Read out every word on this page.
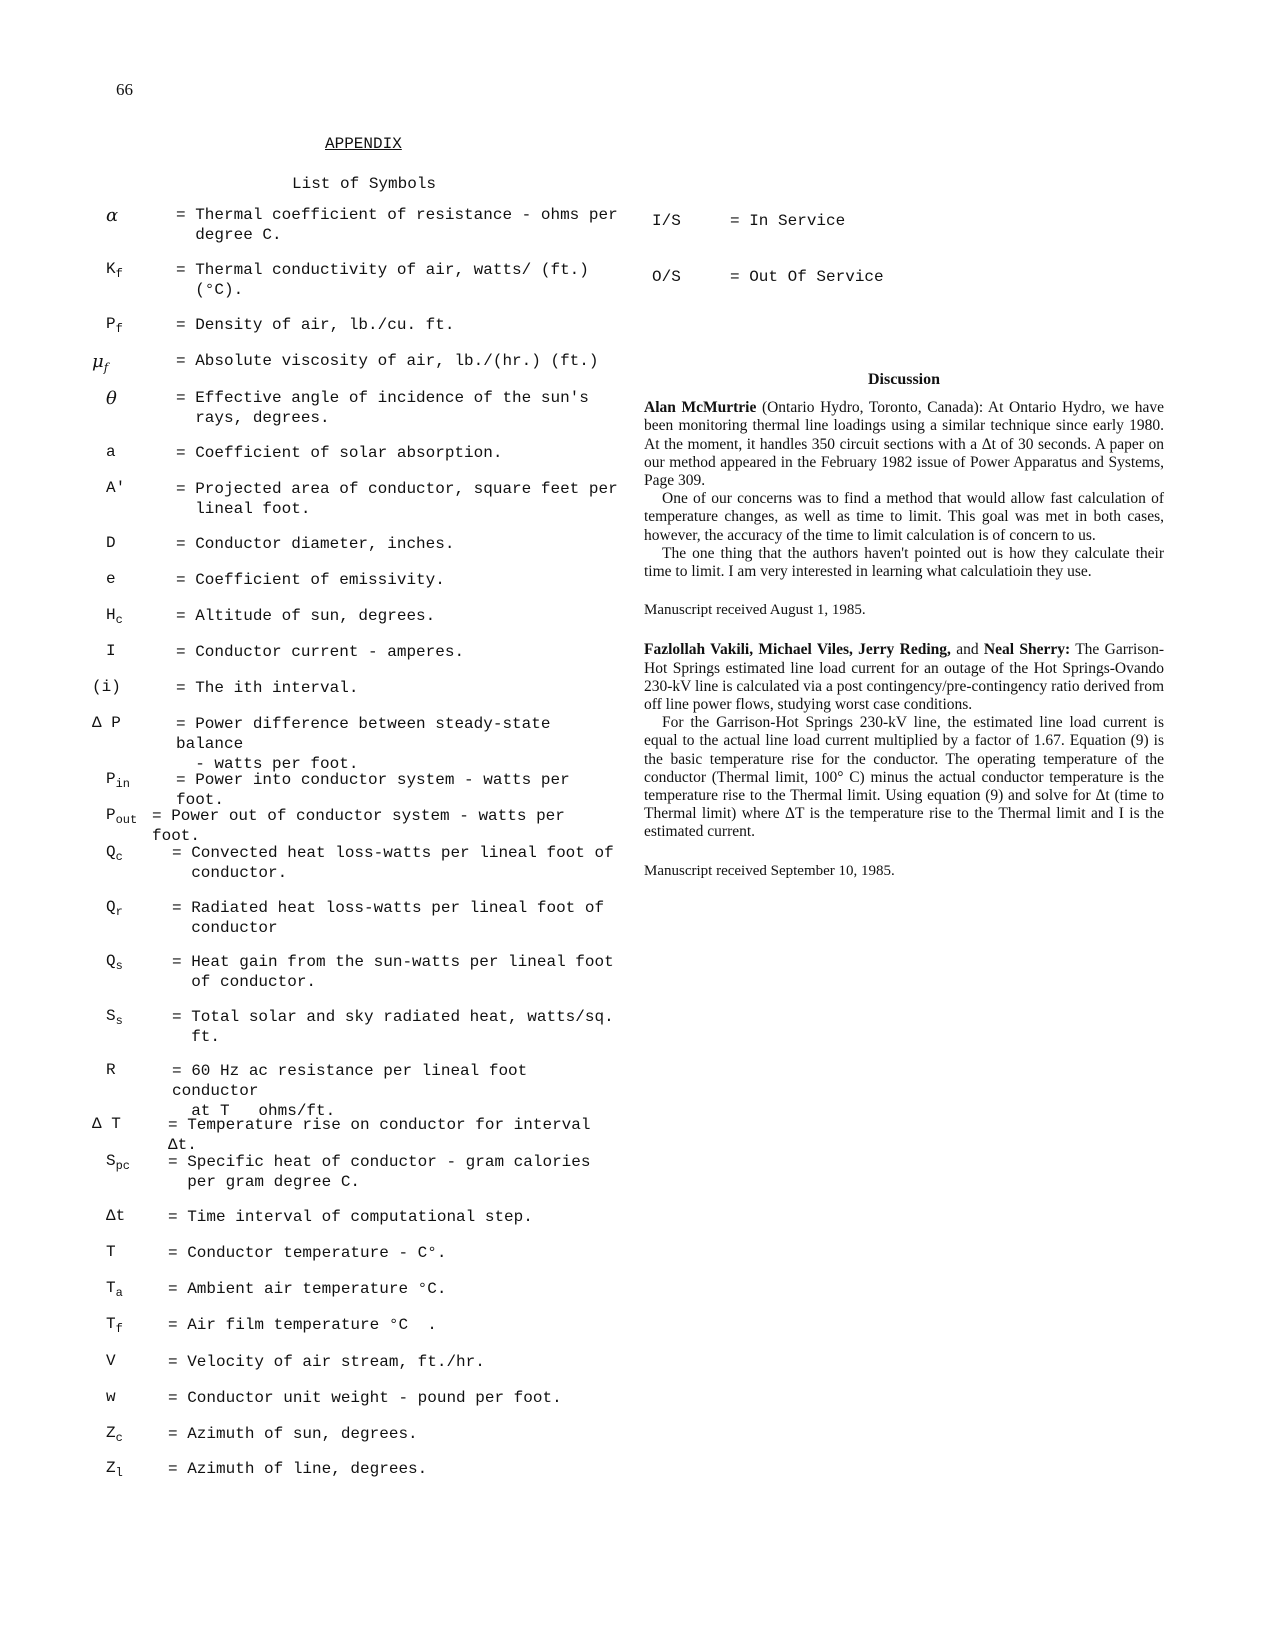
66
APPENDIX
List of Symbols
α	= Thermal coefficient of resistance - ohms per
degree C.
$K_f$	= Thermal conductivity of air, watts/ (ft.)
(°C).
$P_f$	= Density of air, lb./cu. ft.
$\mu_f$	= Absolute viscosity of air, lb./(hr.) (ft.)
θ	= Effective angle of incidence of the sun's
rays, degrees.
a	= Coefficient of solar absorption.
A'	= Projected area of conductor, square feet per
lineal foot.
D	= Conductor diameter, inches.
e	= Coefficient of emissivity.
$H_c$	= Altitude of sun, degrees.
I	= Conductor current - amperes.
(i)	= The ith interval.
Δ P	= Power difference between steady-state balance
- watts per foot.
$P_{in}$	= Power into conductor system - watts per foot.
$P_{out}$ = Power out of conductor system - watts per foot.
$Q_c$	= Convected heat loss-watts per lineal foot of
conductor.
$Q_r$	= Radiated heat loss-watts per lineal foot of
conductor
$Q_s$	= Heat gain from the sun-watts per lineal foot
of conductor.
$S_s$	= Total solar and sky radiated heat, watts/sq.
ft.
R	= 60 Hz ac resistance per lineal foot conductor
at T   ohms/ft.
Δ T	= Temperature rise on conductor for interval Δt.
$S_{pc}$ = Specific heat of conductor - gram calories
per gram degree C.
Δt	= Time interval of computational step.
T	= Conductor temperature - C°.
$T_a$	= Ambient air temperature °C.
$T_f$	= Air film temperature °C  .
V	= Velocity of air stream, ft./hr.
w	= Conductor unit weight - pound per foot.
$Z_c$	= Azimuth of sun, degrees.
$Z_l$	= Azimuth of line, degrees.
I/S	= In Service
O/S	= Out Of Service

Discussion

Alan McMurtrie (Ontario Hydro, Toronto, Canada): At Ontario Hydro, we have been monitoring thermal line loadings using a similar technique since early 1980. At the moment, it handles 350 circuit sections with a Δt of 30 seconds. A paper on our method appeared in the February 1982 issue of Power Apparatus and Systems, Page 309.

One of our concerns was to find a method that would allow fast calculation of temperature changes, as well as time to limit. This goal was met in both cases, however, the accuracy of the time to limit calculation is of concern to us.

The one thing that the authors haven't pointed out is how they calculate their time to limit. I am very interested in learning what calculatioin they use.

Manuscript received August 1, 1985.

Fazlollah Vakili, Michael Viles, Jerry Reding, and Neal Sherry: The Garrison-Hot Springs estimated line load current for an outage of the Hot Springs-Ovando 230-kV line is calculated via a post contingency/pre-contingency ratio derived from off line power flows, studying worst case conditions.

For the Garrison-Hot Springs 230-kV line, the estimated line load current is equal to the actual line load current multiplied by a factor of 1.67. Equation (9) is the basic temperature rise for the conductor. The operating temperature of the conductor (Thermal limit, 100° C) minus the actual conductor temperature is the temperature rise to the Thermal limit. Using equation (9) and solve for Δt (time to Thermal limit) where ΔT is the temperature rise to the Thermal limit and I is the estimated current.

Manuscript received September 10, 1985.
